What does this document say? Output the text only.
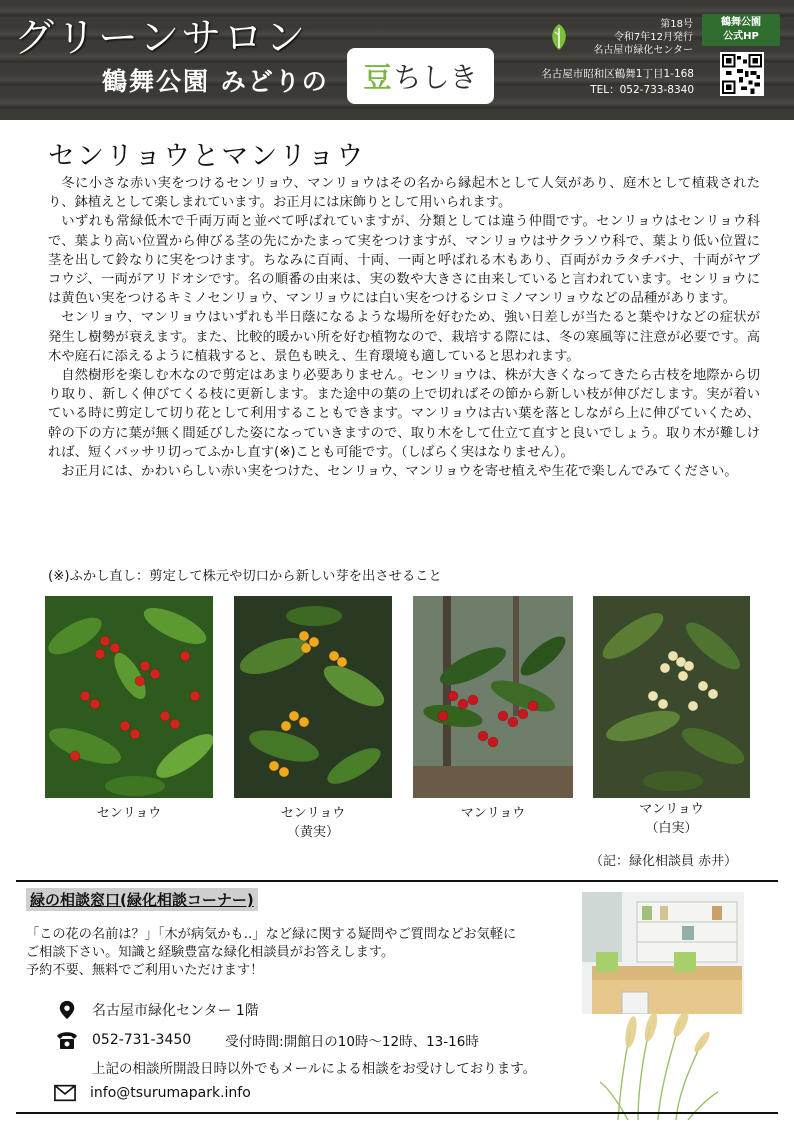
グリーンサロン
鶴舞公園 みどりの 豆 ちしき
第18号
令和7年12月発行
名古屋市緑化センター
名古屋市昭和区鶴舞1丁目1-168
TEL：052-733-8340
鶴舞公園
公式HP
センリョウとマンリョウ

冬に小さな赤い実をつけるセンリョウ、マンリョウはその名から縁起木として人気があり、庭木として植栽されたり、鉢植えとして楽しまれています。お正月には床飾りとして用いられます。

いずれも常緑低木で千両万両と並べて呼ばれていますが、分類としては違う仲間です。センリョウはセンリョウ科で、葉より高い位置から伸びる茎の先にかたまって実をつけますが、マンリョウはサクラソウ科で、葉より低い位置に茎を出して鈴なりに実をつけます。ちなみに百両、十両、一両と呼ばれる木もあり、百両がカラタチバナ、十両がヤブコウジ、一両がアリドオシです。名の順番の由来は、実の数や大きさに由来していると言われています。センリョウには黄色い実をつけるキミノセンリョウ、マンリョウには白い実をつけるシロミノマンリョウなどの品種があります。

センリョウ、マンリョウはいずれも半日蔭になるような場所を好むため、強い日差しが当たると葉やけなどの症状が発生し樹勢が衰えます。また、比較的暖かい所を好む植物なので、栽培する際には、冬の寒風等に注意が必要です。高木や庭石に添えるように植栽すると、景色も映え、生育環境も適していると思われます。

自然樹形を楽しむ木なので剪定はあまり必要ありません。センリョウは、株が大きくなってきたら古枝を地際から切り取り、新しく伸びてくる枝に更新します。また途中の葉の上で切ればその節から新しい枝が伸びだします。実が着いている時に剪定して切り花として利用することもできます。マンリョウは古い葉を落としながら上に伸びていくため、幹の下の方に葉が無く間延びした姿になっていきますので、取り木をして仕立て直すと良いでしょう。取り木が難しければ、短くバッサリ切ってふかし直す(※)ことも可能です。（しばらく実はなりません）。

お正月には、かわいらしい赤い実をつけた、センリョウ、マンリョウを寄せ植えや生花で楽しんでみてください。

(※)ふかし直し：剪定して株元や切口から新しい芽を出させること
センリョウ	センリョウ
（黄実）
マンリョウ	マンリョウ
（白実）
（記：緑化相談員 赤井）
緑の相談窓口(緑化相談コーナー)
「この花の名前は？」「木が病気かも‥」など緑に関する疑問やご質問などお気軽に
ご相談下さい。知識と経験豊富な緑化相談員がお答えします。
予約不要、無料でご利用いただけます！
名古屋市緑化センター 1階
052-731-3450	受付時間:開館日の10時～12時、13-16時
上記の相談所開設日時以外でもメールによる相談をお受けしております。
info@tsurumapark.info
